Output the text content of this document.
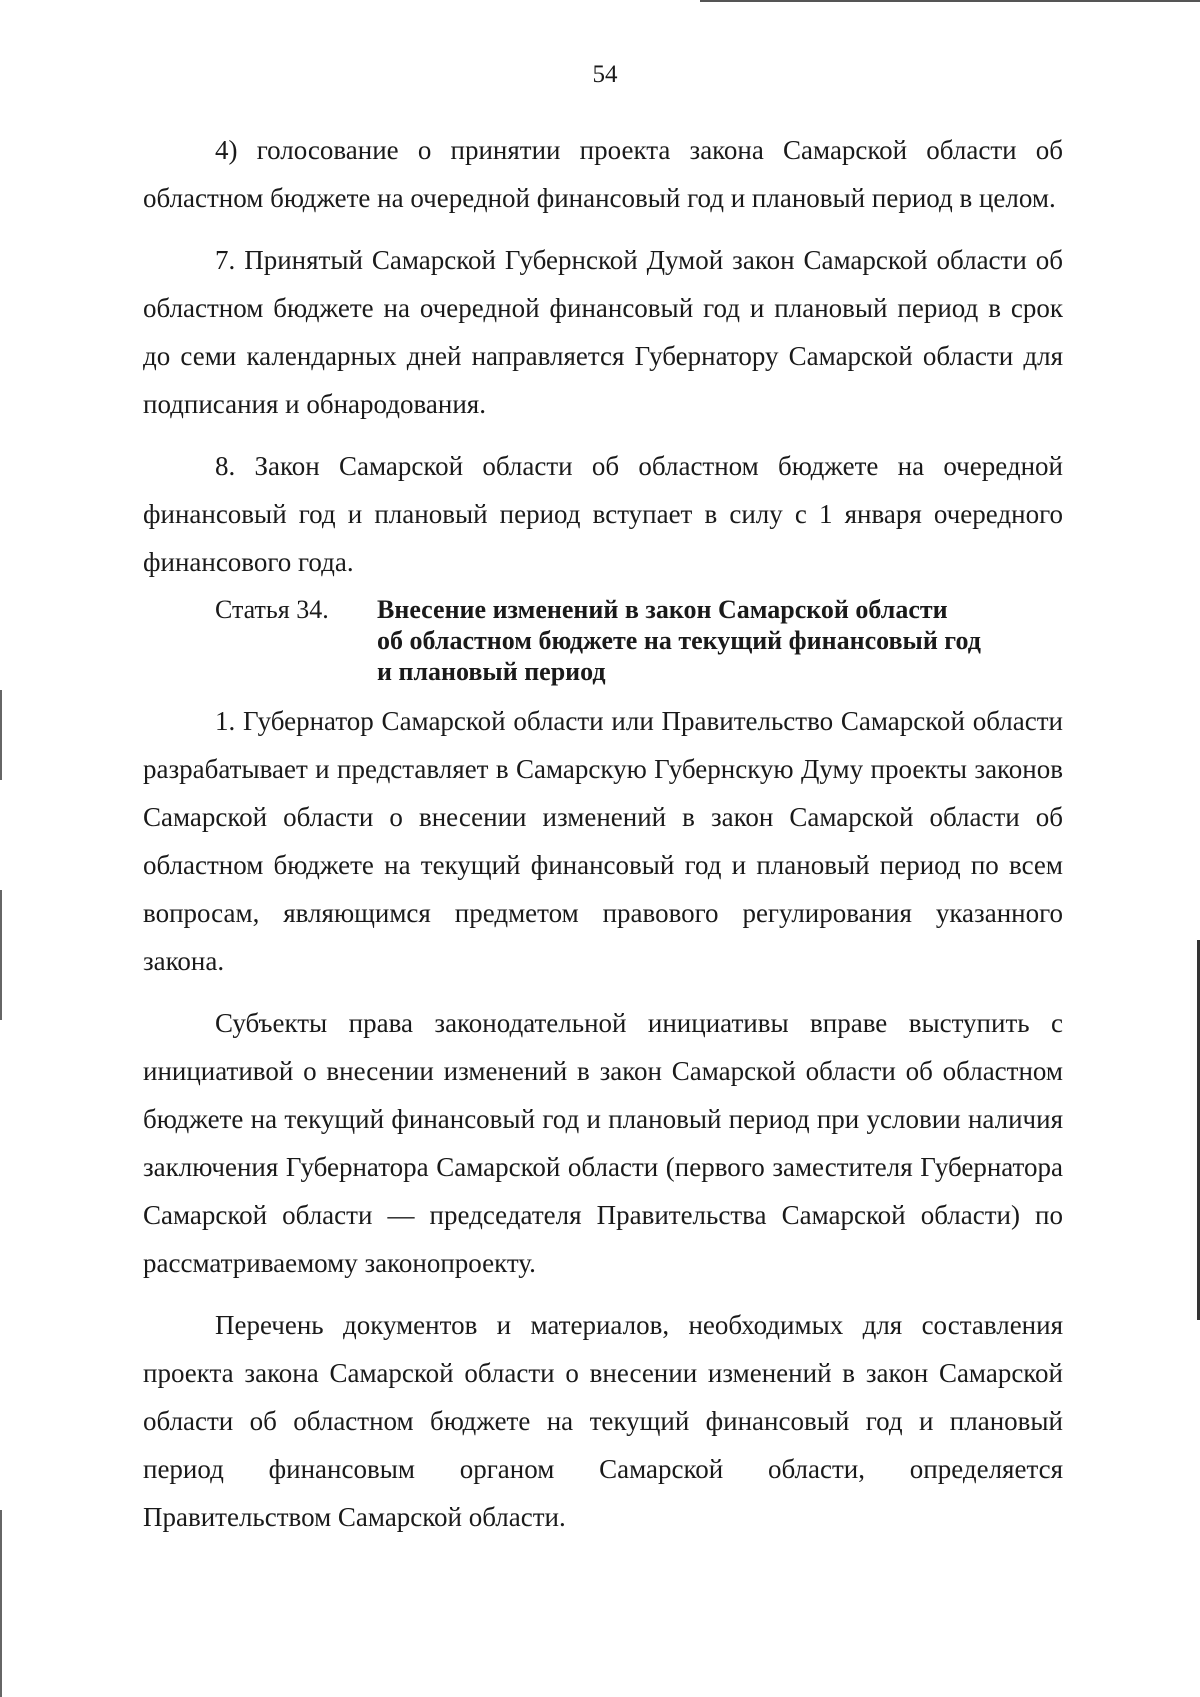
54

4) голосование о принятии проекта закона Самарской области об областном бюджете на очередной финансовый год и плановый период в целом.

7. Принятый Самарской Губернской Думой закон Самарской области об областном бюджете на очередной финансовый год и плановый период в срок до семи календарных дней направляется Губернатору Самарской области для подписания и обнародования.

8. Закон Самарской области об областном бюджете на очередной финансовый год и плановый период вступает в силу с 1 января очередного финансового года.

Статья 34.	Внесение изменений в закон Самарской области
об областном бюджете на текущий финансовый год
и плановый период

1. Губернатор Самарской области или Правительство Самарской области разрабатывает и представляет в Самарскую Губернскую Думу проекты законов Самарской области о внесении изменений в закон Самарской области об областном бюджете на текущий финансовый год и плановый период по всем вопросам, являющимся предметом правового регулирования указанного закона.

Субъекты права законодательной инициативы вправе выступить с инициативой о внесении изменений в закон Самарской области об областном бюджете на текущий финансовый год и плановый период при условии наличия заключения Губернатора Самарской области (первого заместителя Губернатора Самарской области — председателя Правительства Самарской области) по рассматриваемому законопроекту.

Перечень документов и материалов, необходимых для составления проекта закона Самарской области о внесении изменений в закон Самарской области об областном бюджете на текущий финансовый год и плановый период финансовым органом Самарской области, определяется Правительством Самарской области.
